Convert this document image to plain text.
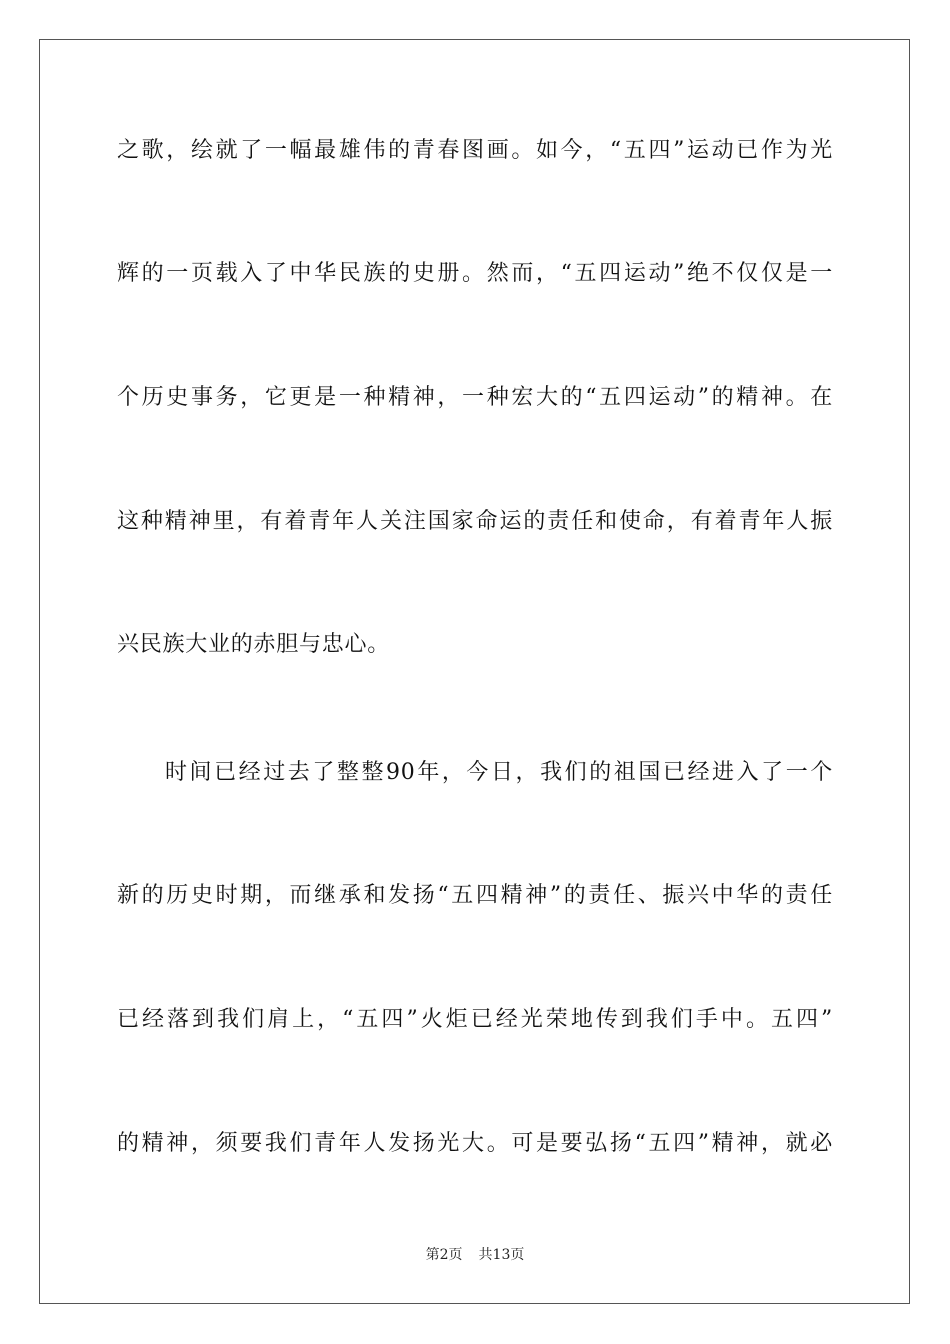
之歌，绘就了一幅最雄伟的青春图画。如今，“五四”运动已作为光
辉的一页载入了中华民族的史册。然而，“五四运动”绝不仅仅是一
个历史事务，它更是一种精神，一种宏大的“五四运动”的精神。在
这种精神里，有着青年人关注国家命运的责任和使命，有着青年人振
兴民族大业的赤胆与忠心。
时间已经过去了整整90年，今日，我们的祖国已经进入了一个
新的历史时期，而继承和发扬“五四精神”的责任、振兴中华的责任
已经落到我们肩上，“五四”火炬已经光荣地传到我们手中。五四”
的精神，须要我们青年人发扬光大。可是要弘扬“五四”精神，就必
第2页 共13页
